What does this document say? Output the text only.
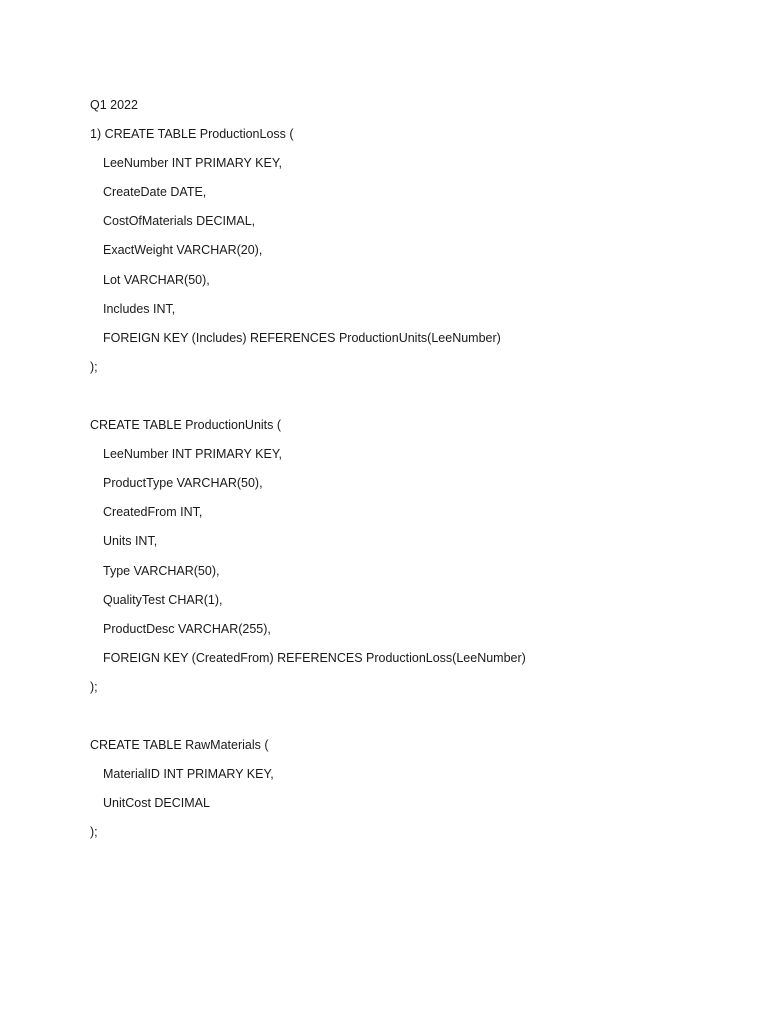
Q1 2022
1) CREATE TABLE ProductionLoss (
LeeNumber INT PRIMARY KEY,
CreateDate DATE,
CostOfMaterials DECIMAL,
ExactWeight VARCHAR(20),
Lot VARCHAR(50),
Includes INT,
FOREIGN KEY (Includes) REFERENCES ProductionUnits(LeeNumber)
);
CREATE TABLE ProductionUnits (
LeeNumber INT PRIMARY KEY,
ProductType VARCHAR(50),
CreatedFrom INT,
Units INT,
Type VARCHAR(50),
QualityTest CHAR(1),
ProductDesc VARCHAR(255),
FOREIGN KEY (CreatedFrom) REFERENCES ProductionLoss(LeeNumber)
);
CREATE TABLE RawMaterials (
MaterialID INT PRIMARY KEY,
UnitCost DECIMAL
);
